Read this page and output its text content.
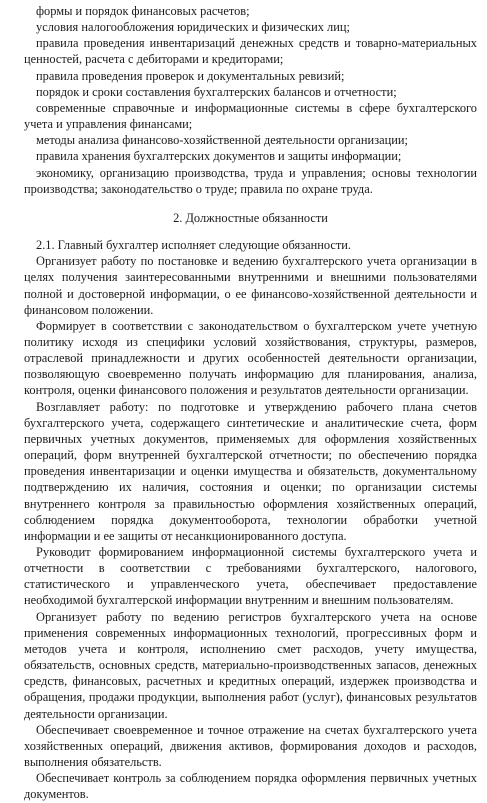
формы и порядок финансовых расчетов;

условия налогообложения юридических и физических лиц;

правила проведения инвентаризаций денежных средств и товарно-материальных ценностей, расчета с дебиторами и кредиторами;

правила проведения проверок и документальных ревизий;

порядок и сроки составления бухгалтерских балансов и отчетности;

современные справочные и информационные системы в сфере бухгалтерского учета и управления финансами;

методы анализа финансово-хозяйственной деятельности организации;

правила хранения бухгалтерских документов и защиты информации;

экономику, организацию производства, труда и управления; основы технологии производства; законодательство о труде; правила по охране труда.

2. Должностные обязанности

2.1. Главный бухгалтер исполняет следующие обязанности.

Организует работу по постановке и ведению бухгалтерского учета организации в целях получения заинтересованными внутренними и внешними пользователями полной и достоверной информации, о ее финансово-хозяйственной деятельности и финансовом положении.

Формирует в соответствии с законодательством о бухгалтерском учете учетную политику исходя из специфики условий хозяйствования, структуры, размеров, отраслевой принадлежности и других особенностей деятельности организации, позволяющую своевременно получать информацию для планирования, анализа, контроля, оценки финансового положения и результатов деятельности организации.

Возглавляет работу: по подготовке и утверждению рабочего плана счетов бухгалтерского учета, содержащего синтетические и аналитические счета, форм первичных учетных документов, применяемых для оформления хозяйственных операций, форм внутренней бухгалтерской отчетности; по обеспечению порядка проведения инвентаризации и оценки имущества и обязательств, документальному подтверждению их наличия, состояния и оценки; по организации системы внутреннего контроля за правильностью оформления хозяйственных операций, соблюдением порядка документооборота, технологии обработки учетной информации и ее защиты от несанкционированного доступа.

Руководит формированием информационной системы бухгалтерского учета и отчетности в соответствии с требованиями бухгалтерского, налогового, статистического и управленческого учета, обеспечивает предоставление необходимой бухгалтерской информации внутренним и внешним пользователям.

Организует работу по ведению регистров бухгалтерского учета на основе применения современных информационных технологий, прогрессивных форм и методов учета и контроля, исполнению смет расходов, учету имущества, обязательств, основных средств, материально-производственных запасов, денежных средств, финансовых, расчетных и кредитных операций, издержек производства и обращения, продажи продукции, выполнения работ (услуг), финансовых результатов деятельности организации.

Обеспечивает своевременное и точное отражение на счетах бухгалтерского учета хозяйственных операций, движения активов, формирования доходов и расходов, выполнения обязательств.

Обеспечивает контроль за соблюдением порядка оформления первичных учетных документов.
